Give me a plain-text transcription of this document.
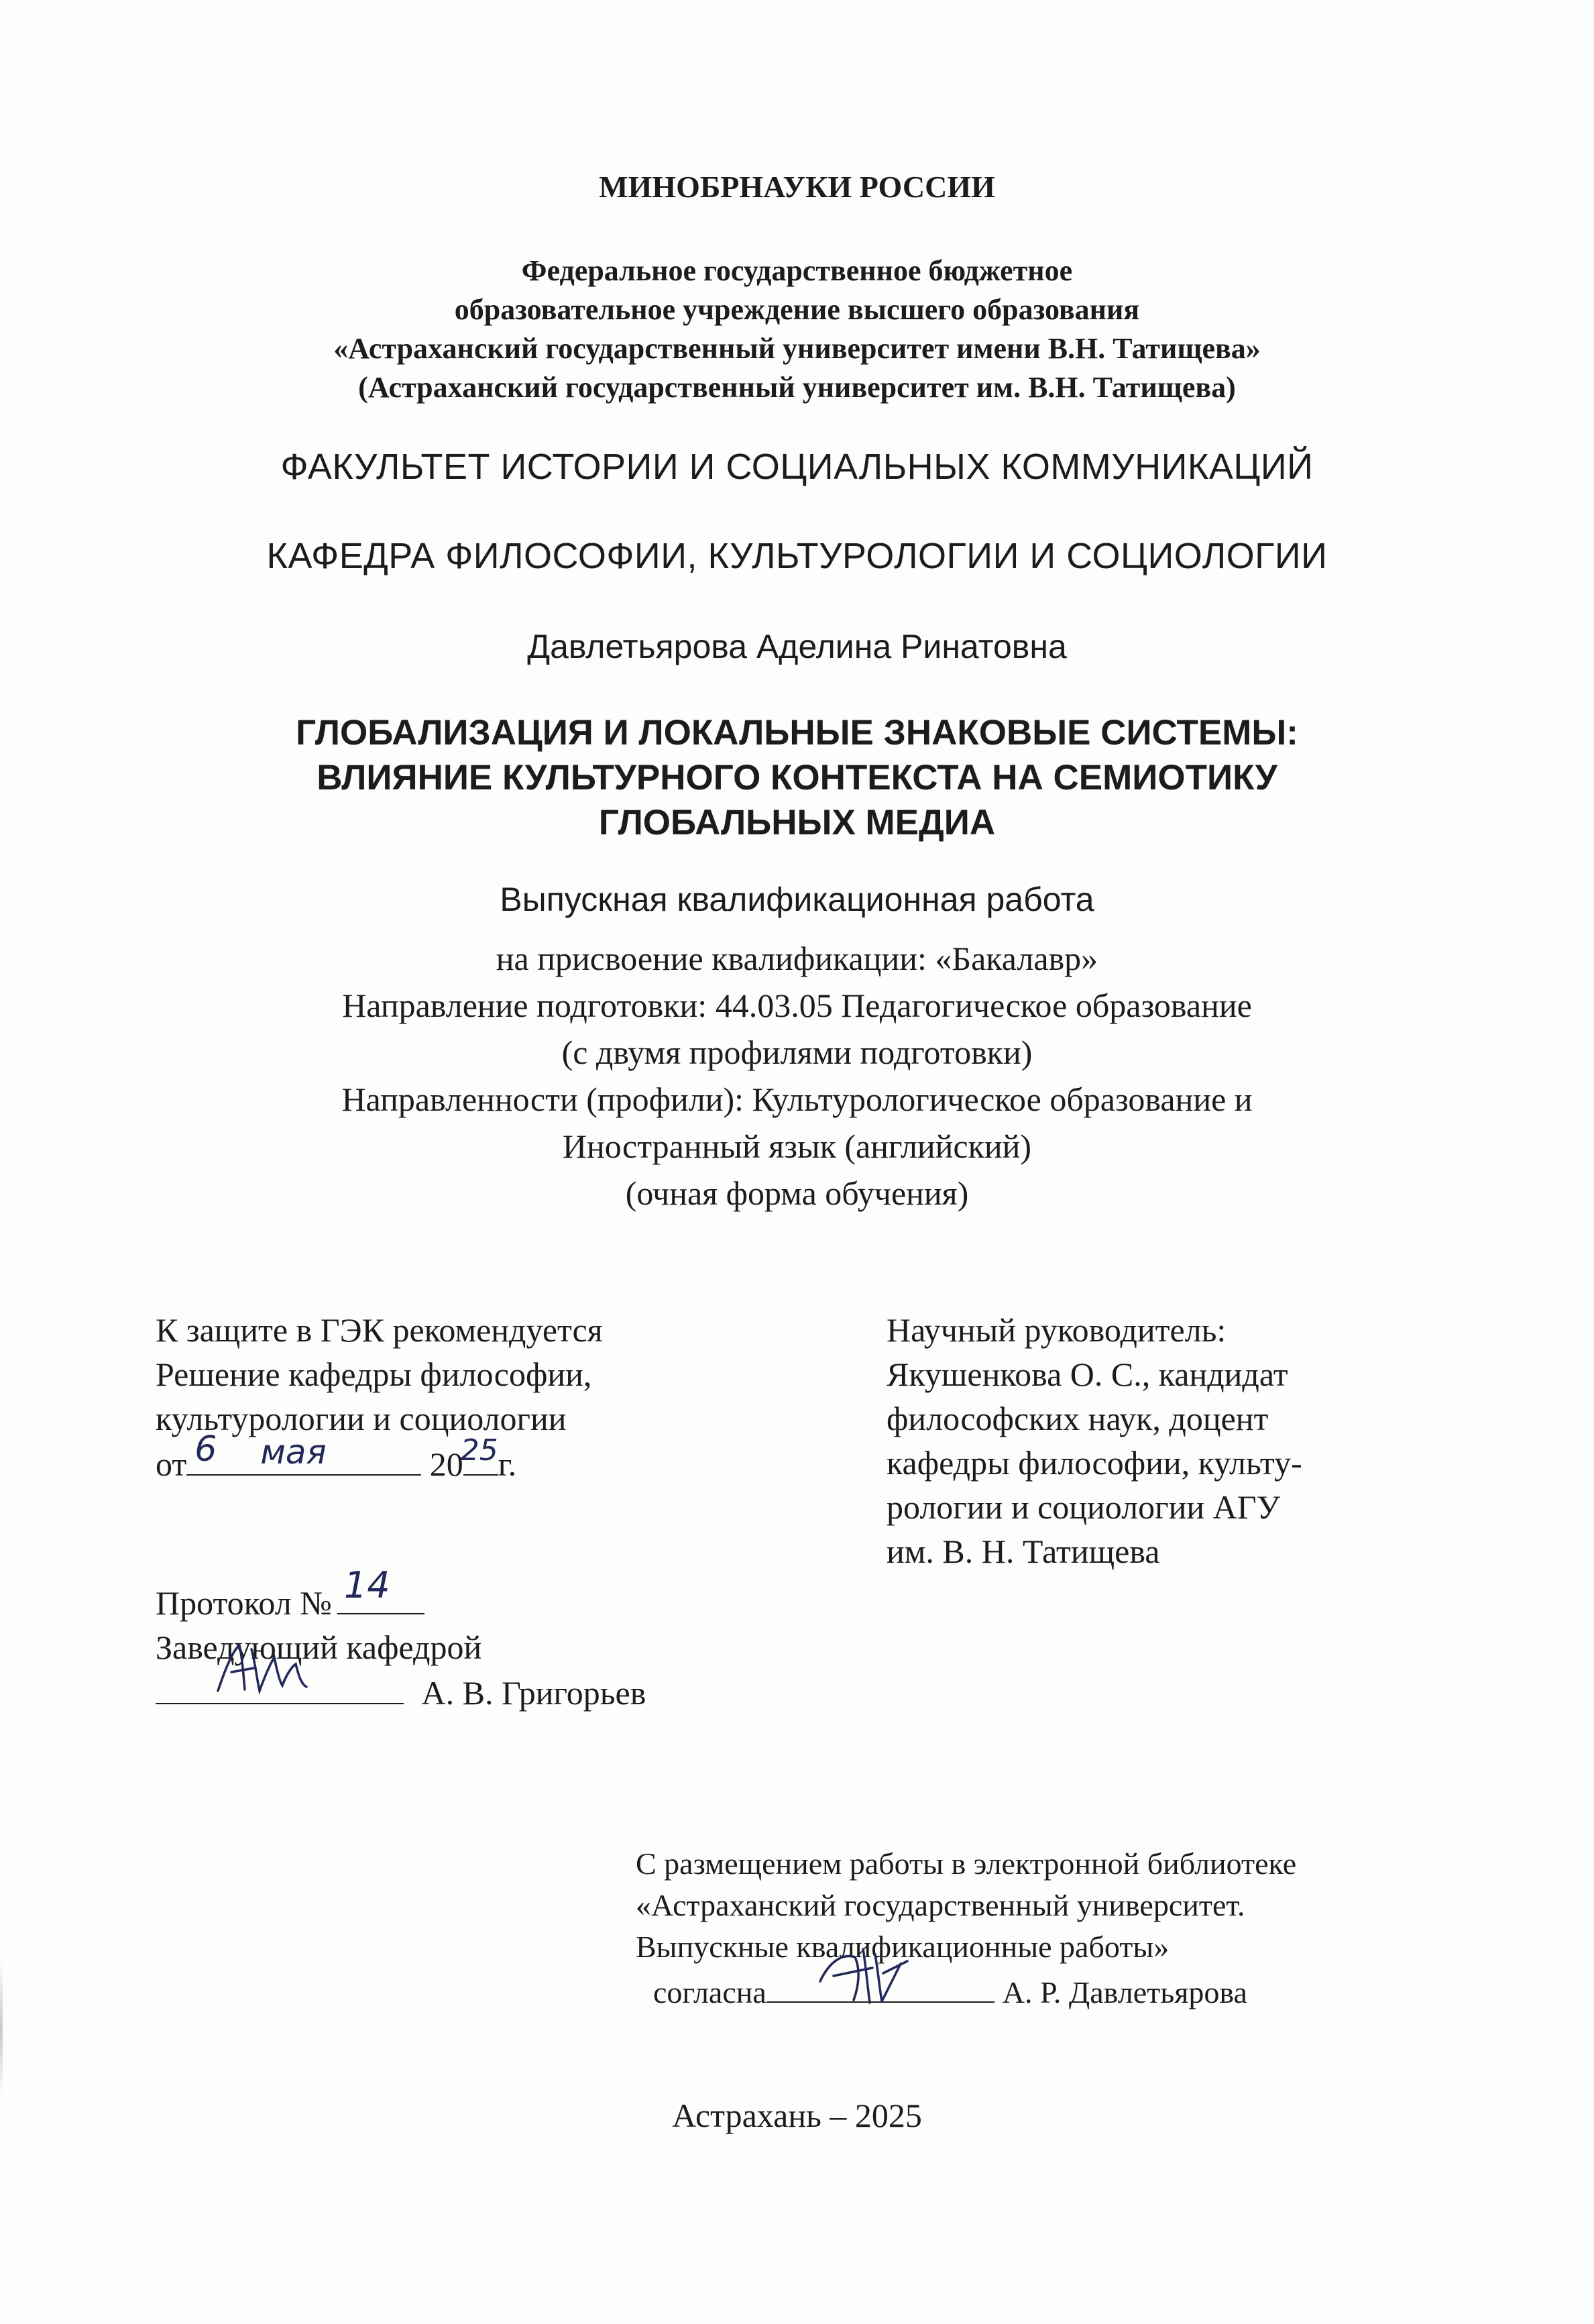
МИНОБРНАУКИ РОССИИ
Федеральное государственное бюджетное
образовательное учреждение высшего образования
«Астраханский государственный университет имени В.Н. Татищева»
(Астраханский государственный университет им. В.Н. Татищева)
ФАКУЛЬТЕТ ИСТОРИИ И СОЦИАЛЬНЫХ КОММУНИКАЦИЙ
КАФЕДРА ФИЛОСОФИИ, КУЛЬТУРОЛОГИИ И СОЦИОЛОГИИ
Давлетьярова Аделина Ринатовна
ГЛОБАЛИЗАЦИЯ И ЛОКАЛЬНЫЕ ЗНАКОВЫЕ СИСТЕМЫ:
ВЛИЯНИЕ КУЛЬТУРНОГО КОНТЕКСТА НА СЕМИОТИКУ
ГЛОБАЛЬНЫХ МЕДИА
Выпускная квалификационная работа
на присвоение квалификации: «Бакалавр»
Направление подготовки: 44.03.05 Педагогическое образование
(с двумя профилями подготовки)
Направленности (профили): Культурологическое образование и
Иностранный язык (английский)
(очная форма обучения)
К защите в ГЭК рекомендуется
Решение кафедры философии,
культурологии и социологии
от 6 мая	20
25 г.
Научный руководитель:
Якушенкова О. С., кандидат
философских наук, доцент
кафедры философии, культу-
рологии и социологии АГУ
им. В. Н. Татищева
Протокол № 14
Заведующий кафедрой
А. В. Григорьев
С размещением работы в электронной библиотеке
«Астраханский государственный университет.
Выпускные квалификационные работы»
согласна	А. Р. Давлетьярова
Астрахань – 2025
